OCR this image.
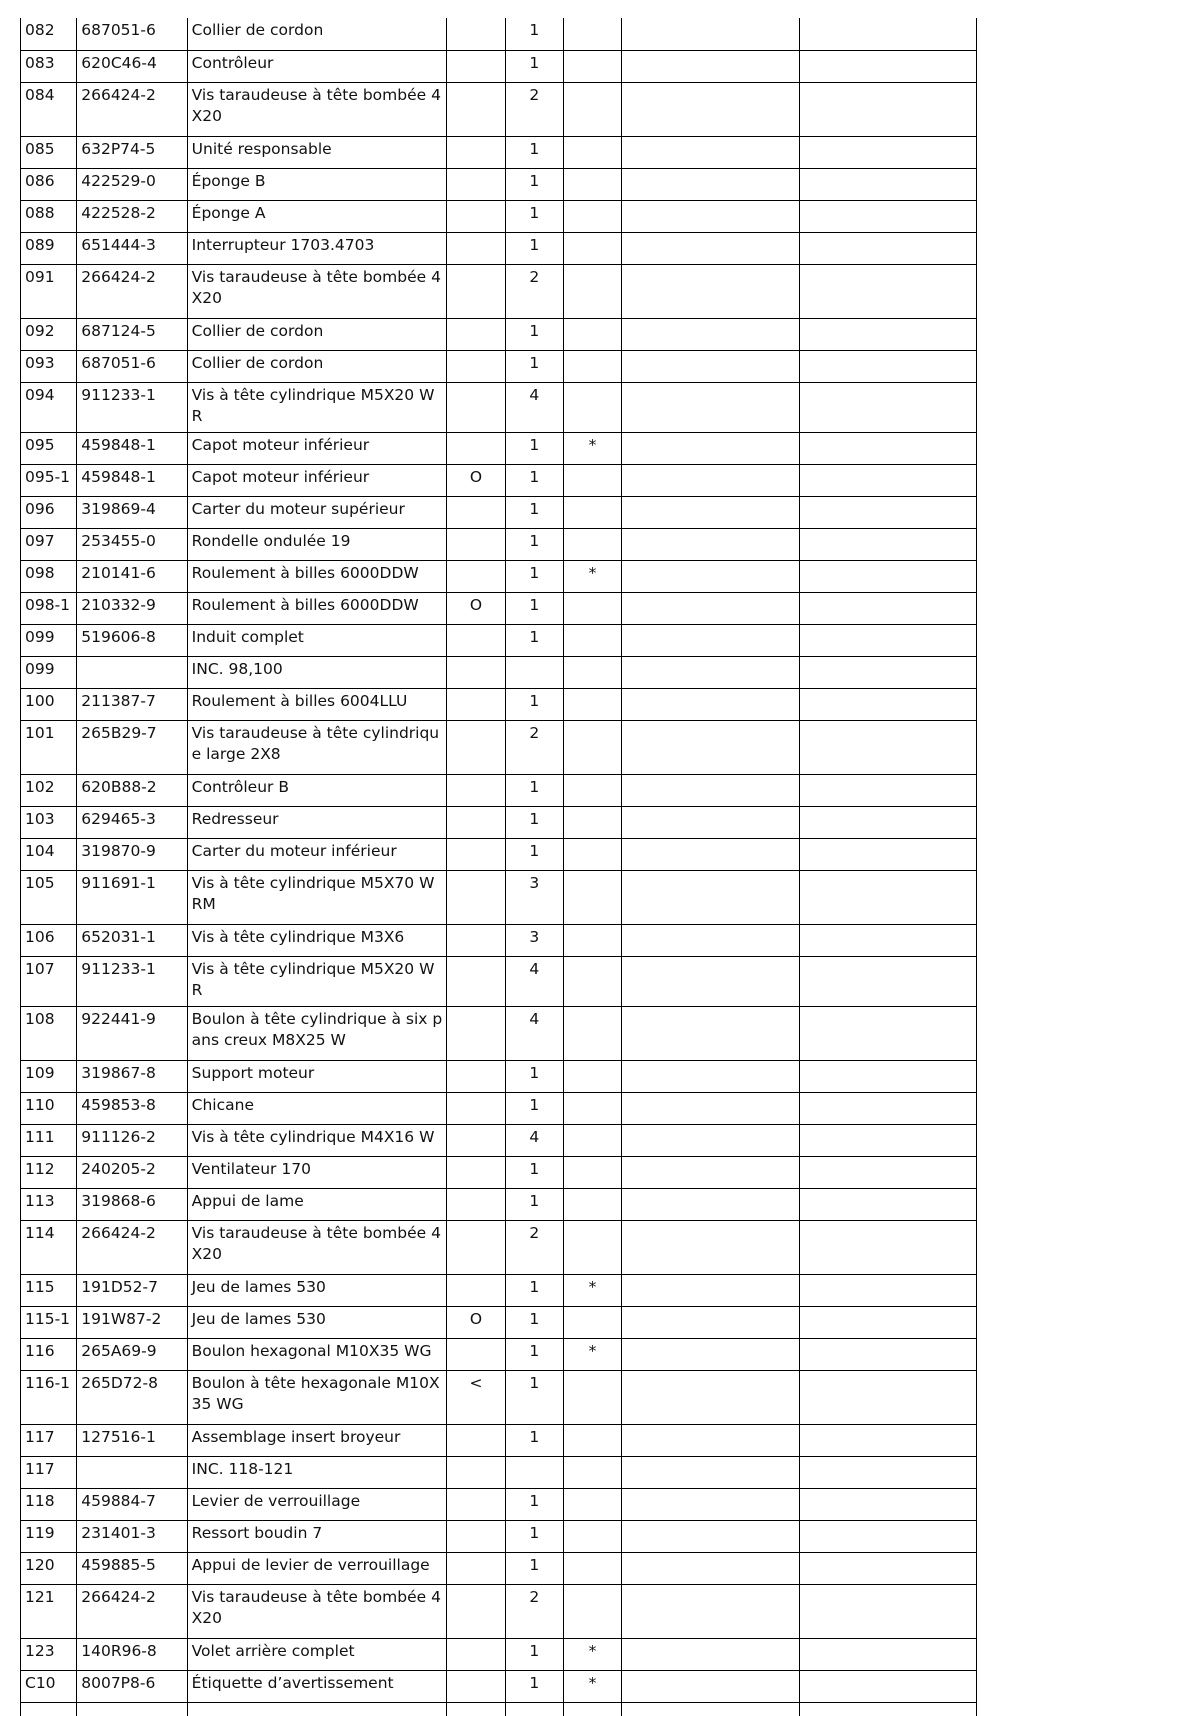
082	687051-6	Collier de cordon		1			
083	620C46-4	Contrôleur		1			
084	266424-2	Vis taraudeuse à tête bombée 4X20		2			
085	632P74-5	Unité responsable		1			
086	422529-0	Éponge B		1			
088	422528-2	Éponge A		1			
089	651444-3	Interrupteur 1703.4703		1			
091	266424-2	Vis taraudeuse à tête bombée 4X20		2			
092	687124-5	Collier de cordon		1			
093	687051-6	Collier de cordon		1			
094	911233-1	Vis à tête cylindrique M5X20 WR		4			
095	459848-1	Capot moteur inférieur		1	*		
095-1	459848-1	Capot moteur inférieur	O	1			
096	319869-4	Carter du moteur supérieur		1			
097	253455-0	Rondelle ondulée 19		1			
098	210141-6	Roulement à billes 6000DDW		1	*		
098-1	210332-9	Roulement à billes 6000DDW	O	1			
099	519606-8	Induit complet		1			
099		INC. 98,100					
100	211387-7	Roulement à billes 6004LLU		1			
101	265B29-7	Vis taraudeuse à tête cylindrique large 2X8		2			
102	620B88-2	Contrôleur B		1			
103	629465-3	Redresseur		1			
104	319870-9	Carter du moteur inférieur		1			
105	911691-1	Vis à tête cylindrique M5X70 WRM		3			
106	652031-1	Vis à tête cylindrique M3X6		3			
107	911233-1	Vis à tête cylindrique M5X20 WR		4			
108	922441-9	Boulon à tête cylindrique à six pans creux M8X25 W		4			
109	319867-8	Support moteur		1			
110	459853-8	Chicane		1			
111	911126-2	Vis à tête cylindrique M4X16 W		4			
112	240205-2	Ventilateur 170		1			
113	319868-6	Appui de lame		1			
114	266424-2	Vis taraudeuse à tête bombée 4X20		2			
115	191D52-7	Jeu de lames 530		1	*		
115-1	191W87-2	Jeu de lames 530	O	1			
116	265A69-9	Boulon hexagonal M10X35 WG		1	*		
116-1	265D72-8	Boulon à tête hexagonale M10X35 WG	<	1			
117	127516-1	Assemblage insert broyeur		1			
117		INC. 118-121					
118	459884-7	Levier de verrouillage		1			
119	231401-3	Ressort boudin 7		1			
120	459885-5	Appui de levier de verrouillage		1			
121	266424-2	Vis taraudeuse à tête bombée 4X20		2			
123	140R96-8	Volet arrière complet		1	*		
C10	8007P8-6	Étiquette d’avertissement		1	*		
